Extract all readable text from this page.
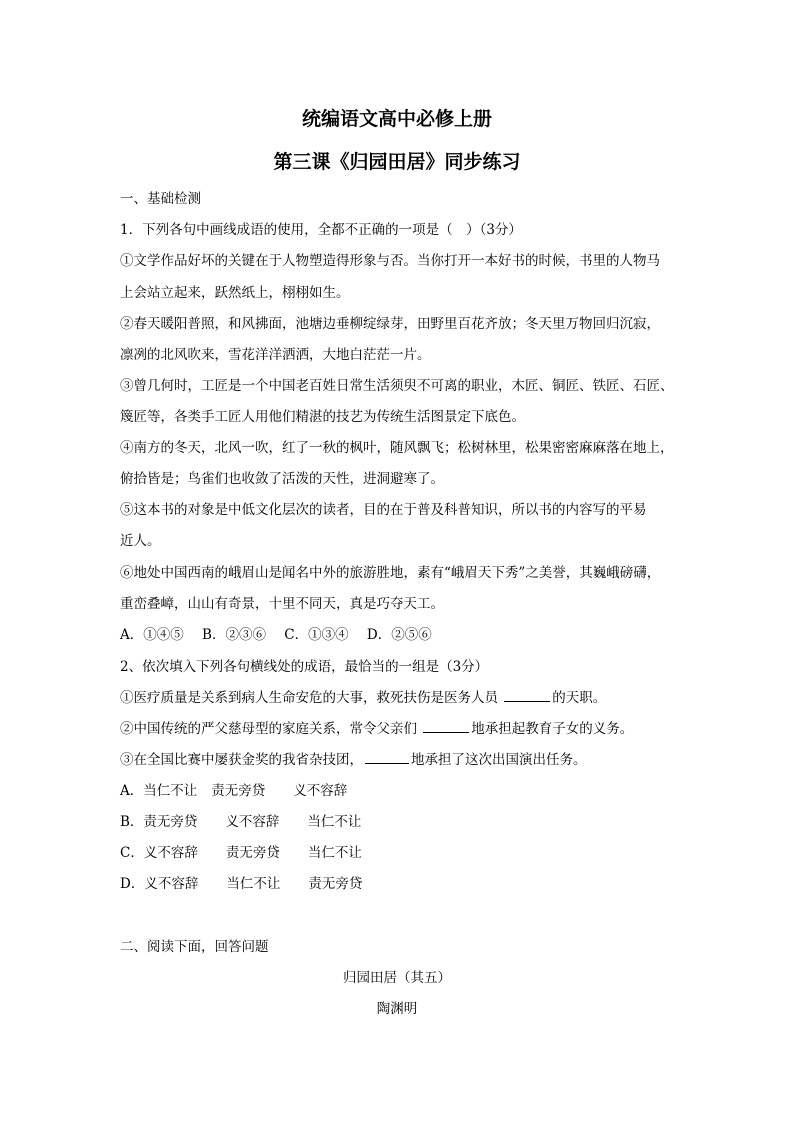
统编语文高中必修上册
第三课《归园田居》同步练习
一、基础检测
1．下列各句中画线成语的使用，全都不正确的一项是（　）（3分）
①文学作品好坏的关键在于人物塑造得形象与否。当你打开一本好书的时候，书里的人物马
上会站立起来，跃然纸上，栩栩如生。
②春天暖阳普照，和风拂面，池塘边垂柳绽绿芽，田野里百花齐放；冬天里万物回归沉寂，
凛冽的北风吹来，雪花洋洋洒洒，大地白茫茫一片。
③曾几何时，工匠是一个中国老百姓日常生活须臾不可离的职业，木匠、铜匠、铁匠、石匠、
篾匠等，各类手工匠人用他们精湛的技艺为传统生活图景定下底色。
④南方的冬天，北风一吹，红了一秋的枫叶，随风飘飞；松树林里，松果密密麻麻落在地上，
俯拾皆是；鸟雀们也收敛了活泼的天性，进洞避寒了。
⑤这本书的对象是中低文化层次的读者，目的在于普及科普知识，所以书的内容写的平易
近人。
⑥地处中国西南的峨眉山是闻名中外的旅游胜地，素有“峨眉天下秀”之美誉，其巍峨磅礴，
重峦叠嶂，山山有奇景，十里不同天，真是巧夺天工。
A．①④⑤ B．②③⑥ C．①③④ D．②⑤⑥
2、依次填入下列各句横线处的成语，最恰当的一组是（3分）
①医疗质量是关系到病人生命安危的大事，救死扶伤是医务人员	的天职。
②中国传统的严父慈母型的家庭关系，常令父亲们	地承担起教育子女的义务。
③在全国比赛中屡获金奖的我省杂技团，	地承担了这次出国演出任务。
A．当仁不让 责无旁贷 义不容辞
B．责无旁贷 义不容辞 当仁不让
C．义不容辞 责无旁贷 当仁不让
D．义不容辞 当仁不让 责无旁贷
二、阅读下面，回答问题
归园田居（其五）
陶渊明
